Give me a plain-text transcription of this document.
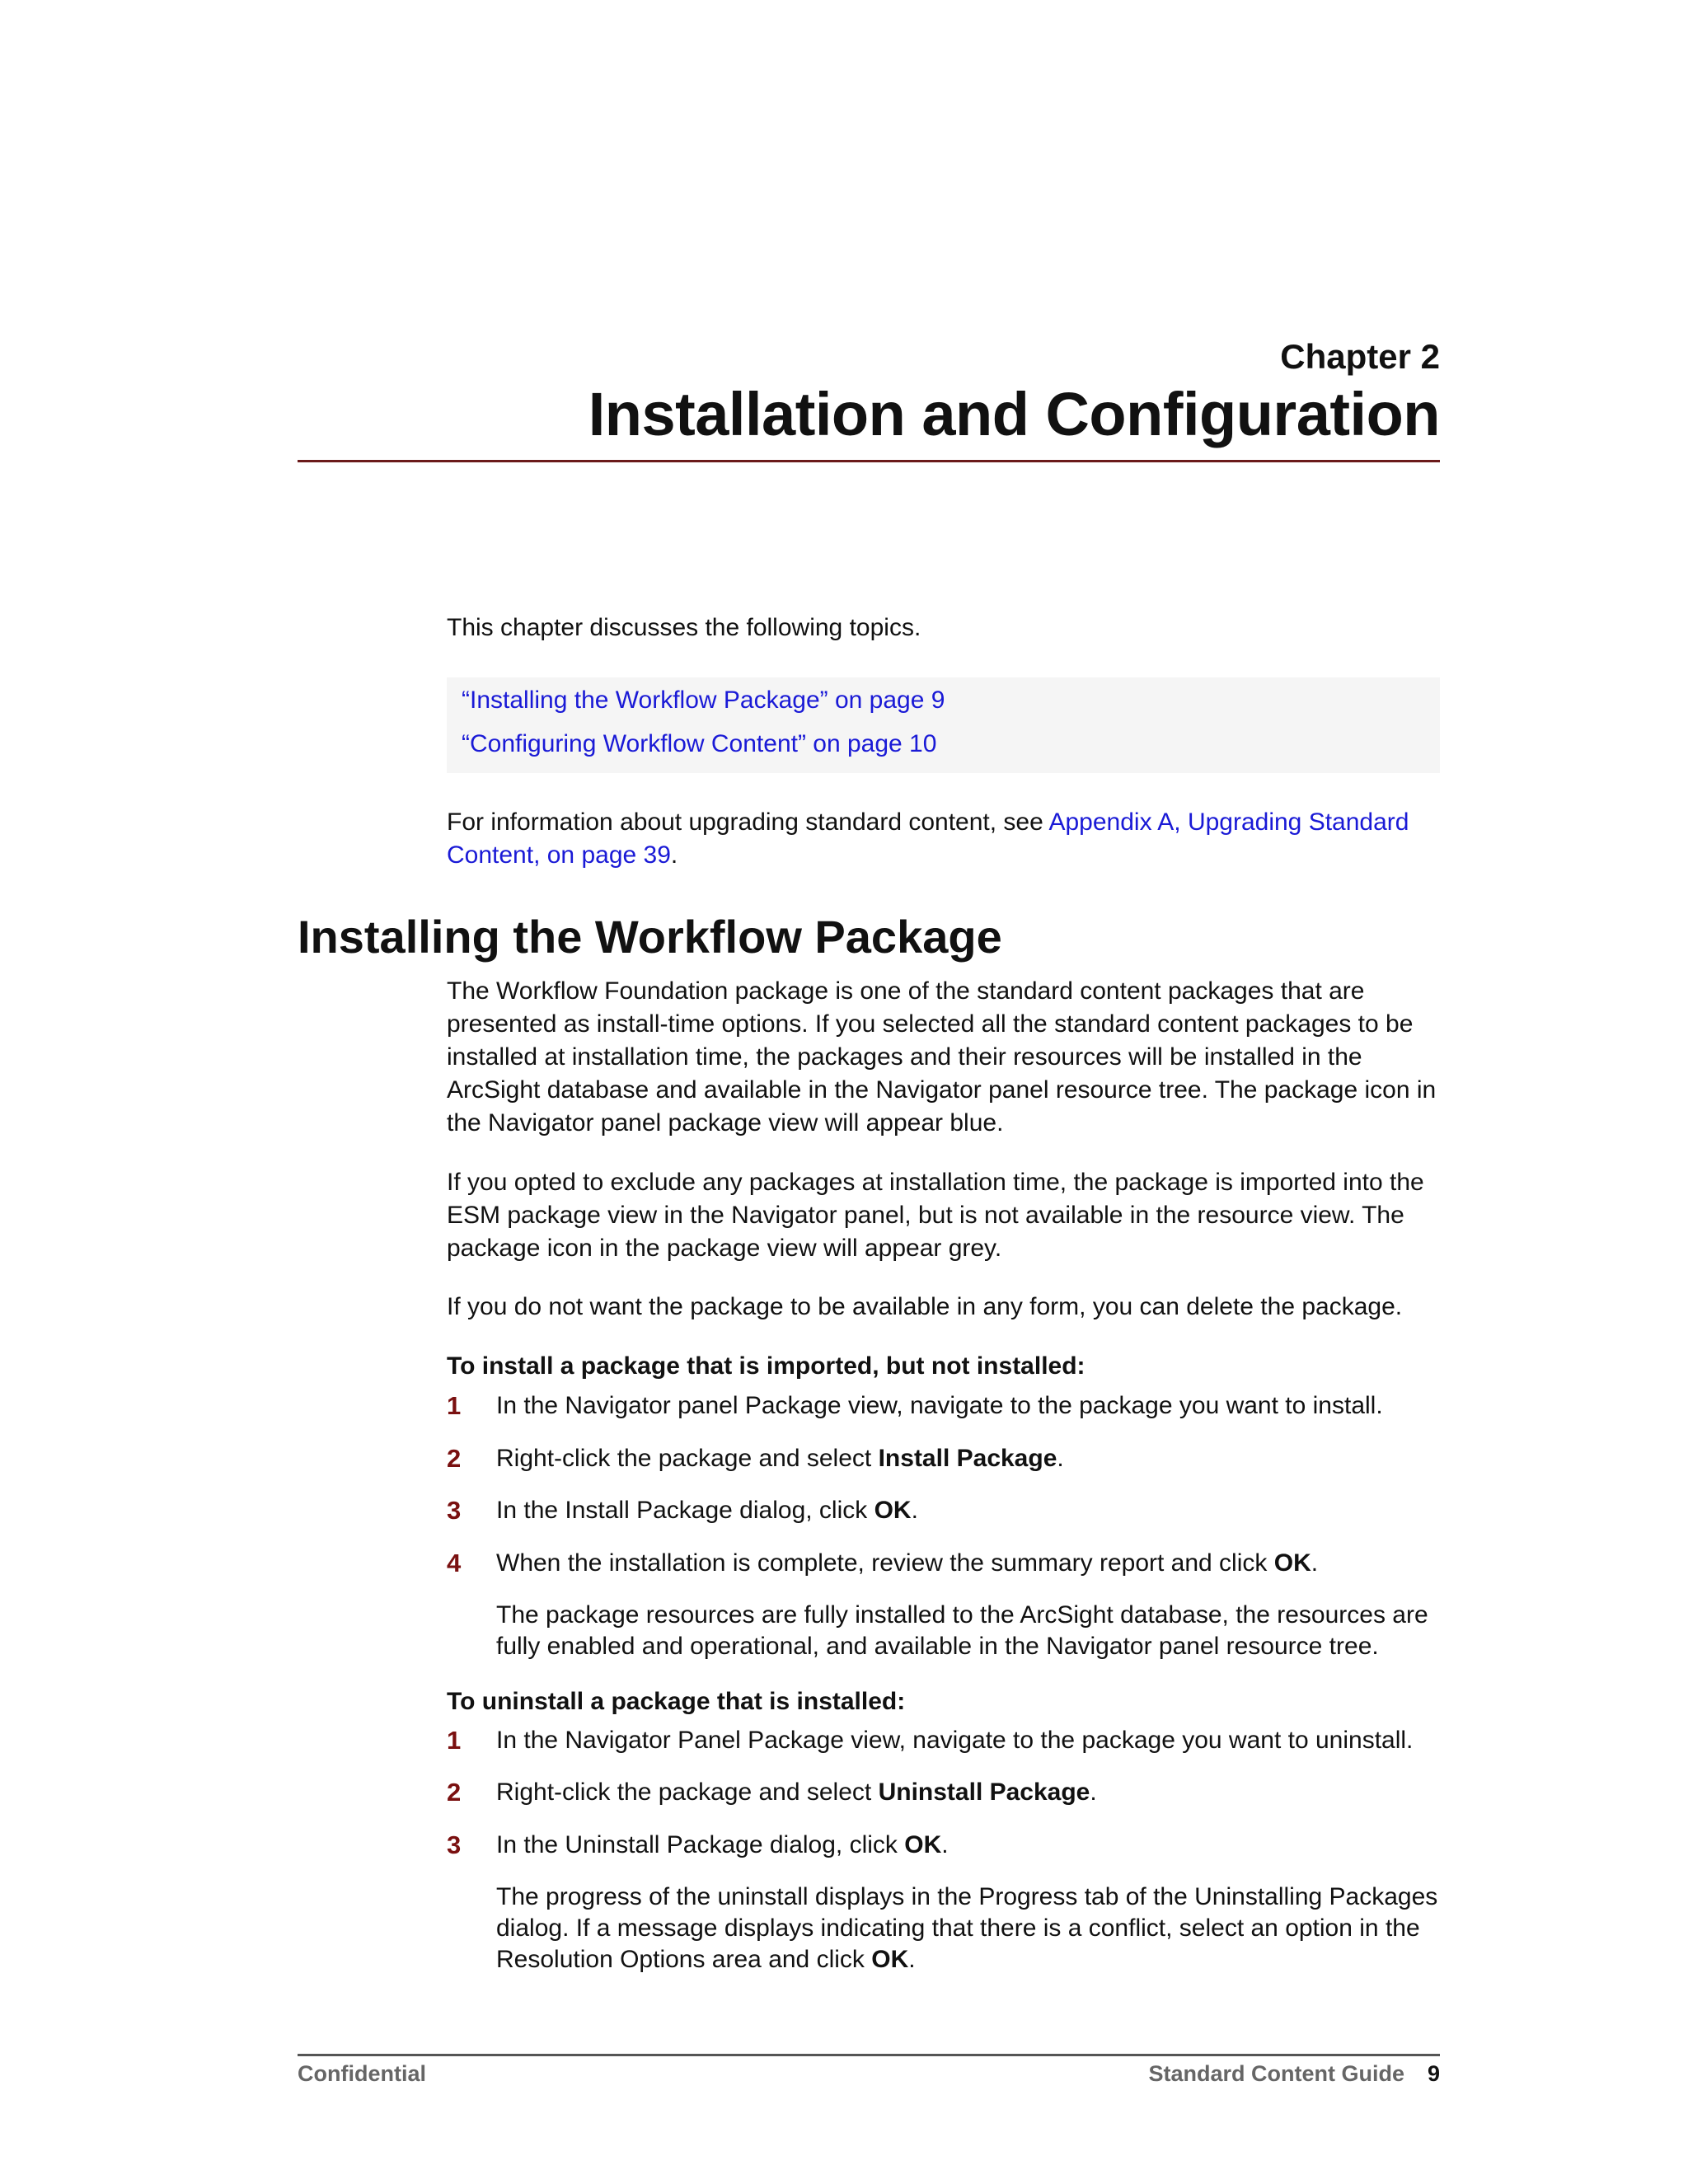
Chapter 2
Installation and Configuration
This chapter discusses the following topics.
“Installing the Workflow Package” on page 9
“Configuring Workflow Content” on page 10
For information about upgrading standard content, see Appendix A, Upgrading Standard Content, on page 39.
Installing the Workflow Package
The Workflow Foundation package is one of the standard content packages that are presented as install-time options. If you selected all the standard content packages to be installed at installation time, the packages and their resources will be installed in the ArcSight database and available in the Navigator panel resource tree. The package icon in the Navigator panel package view will appear blue.
If you opted to exclude any packages at installation time, the package is imported into the ESM package view in the Navigator panel, but is not available in the resource view. The package icon in the package view will appear grey.
If you do not want the package to be available in any form, you can delete the package.
To install a package that is imported, but not installed:
1 In the Navigator panel Package view, navigate to the package you want to install.
2 Right-click the package and select Install Package.
3 In the Install Package dialog, click OK.
4 When the installation is complete, review the summary report and click OK.
The package resources are fully installed to the ArcSight database, the resources are fully enabled and operational, and available in the Navigator panel resource tree.
To uninstall a package that is installed:
1 In the Navigator Panel Package view, navigate to the package you want to uninstall.
2 Right-click the package and select Uninstall Package.
3 In the Uninstall Package dialog, click OK.
The progress of the uninstall displays in the Progress tab of the Uninstalling Packages dialog. If a message displays indicating that there is a conflict, select an option in the Resolution Options area and click OK.
Confidential	Standard Content Guide 9
